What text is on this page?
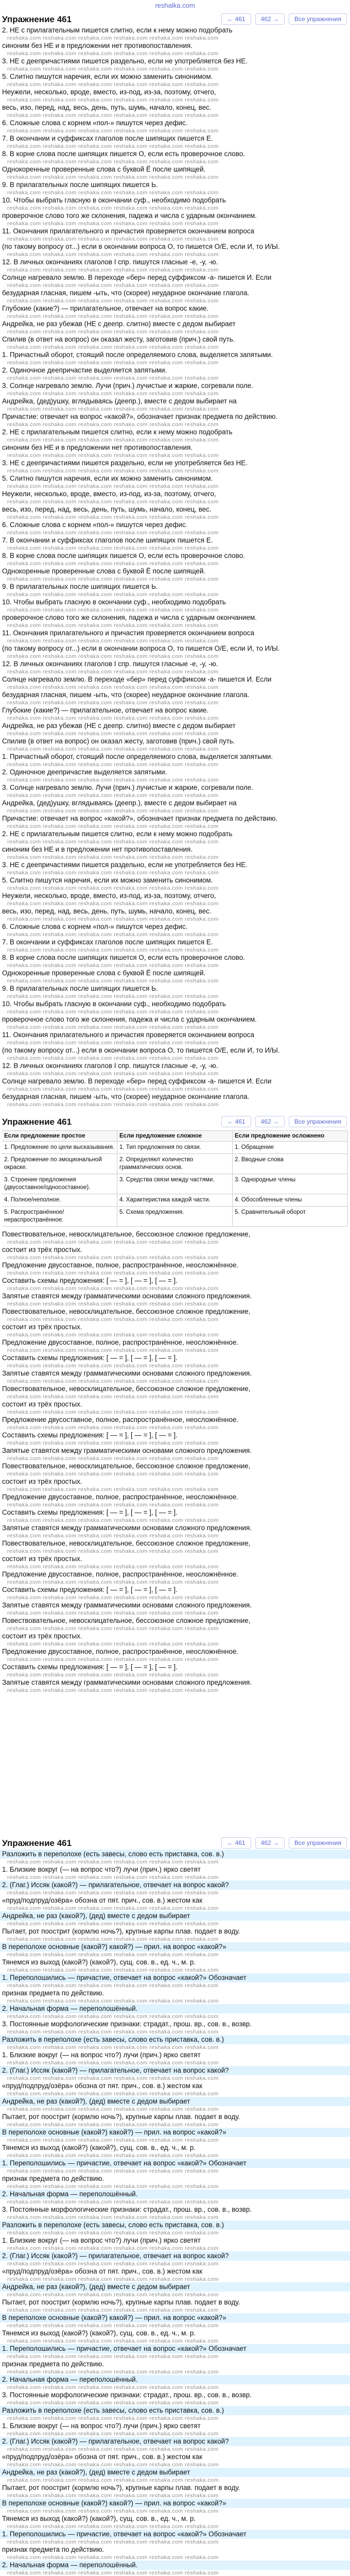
reshalka.com
Упражнение 461	← 461	462 →	Все упражнения
2. НЕ с прилагательным пишется слитно, если к нему можно подобрать
reshaka.com reshaka.com reshaka.com reshaka.com reshaka.com reshaka.com
синоним без НЕ и в предложении нет противопоставления.
reshaka.com reshaka.com reshaka.com reshaka.com reshaka.com reshaka.com
3. НЕ с деепричастиями пишется раздельно, если не употребляется без НЕ.
reshaka.com reshaka.com reshaka.com reshaka.com reshaka.com reshaka.com
5. Слитно пишутся наречия, если их можно заменить синонимом.
reshaka.com reshaka.com reshaka.com reshaka.com reshaka.com reshaka.com
Неужели, несколько, вроде, вместо, из-под, из-за, поэтому, отчего,
reshaka.com reshaka.com reshaka.com reshaka.com reshaka.com reshaka.com
весь, изо, перед, над, весь, день, путь, шумь, начало, конец, вес.
reshaka.com reshaka.com reshaka.com reshaka.com reshaka.com reshaka.com
6. Сложные слова с корнем «пол-» пишутся через дефис.
reshaka.com reshaka.com reshaka.com reshaka.com reshaka.com reshaka.com
7. В окончании и суффиксах глаголов после шипящих пишется Е.
reshaka.com reshaka.com reshaka.com reshaka.com reshaka.com reshaka.com
8. В корне слова после шипящих пишется О, если есть проверочное слово.
reshaka.com reshaka.com reshaka.com reshaka.com reshaka.com reshaka.com
Однокоренные проверенные слова с буквой Ё после шипящей.
reshaka.com reshaka.com reshaka.com reshaka.com reshaka.com reshaka.com
9. В прилагательных после шипящих пишется Ь.
reshaka.com reshaka.com reshaka.com reshaka.com reshaka.com reshaka.com
10. Чтобы выбрать гласную в окончании суф., необходимо подобрать
reshaka.com reshaka.com reshaka.com reshaka.com reshaka.com reshaka.com
проверочное слово того же склонения, падежа и числа с ударным окончанием.
reshaka.com reshaka.com reshaka.com reshaka.com reshaka.com reshaka.com
11. Окончания прилагательного и причастия проверяется окончанием вопроса
reshaka.com reshaka.com reshaka.com reshaka.com reshaka.com reshaka.com
(по такому вопросу от...) если в окончании вопроса О, то пишется О/Е, если И, то И/Ы.
reshaka.com reshaka.com reshaka.com reshaka.com reshaka.com reshaka.com
12. В личных окончаниях глаголов I спр. пишутся гласные -е, -у, -ю.
reshaka.com reshaka.com reshaka.com reshaka.com reshaka.com reshaka.com
Солнце нагревало землю. В переходе «бер» перед суффиксом -а- пишется И. Если
reshaka.com reshaka.com reshaka.com reshaka.com reshaka.com reshaka.com
безударная гласная, пишем -ыть, что (скорее) неударное окончание глагола.
reshaka.com reshaka.com reshaka.com reshaka.com reshaka.com reshaka.com
Глубокие (какие?) — прилагательное, отвечает на вопрос какие.
reshaka.com reshaka.com reshaka.com reshaka.com reshaka.com reshaka.com
Андрейка, не раз убежав (НЕ с деепр. слитно) вместе с дедом выбирает
reshaka.com reshaka.com reshaka.com reshaka.com reshaka.com reshaka.com
Спилив (в ответ на вопрос) он оказал жесту, заготовив (прич.) свой путь.
reshaka.com reshaka.com reshaka.com reshaka.com reshaka.com reshaka.com
1. Причастный оборот, стоящий после определяемого слова, выделяется запятыми.
reshaka.com reshaka.com reshaka.com reshaka.com reshaka.com reshaka.com
2. Одиночное деепричастие выделяется запятыми.
reshaka.com reshaka.com reshaka.com reshaka.com reshaka.com reshaka.com
3. Солнце нагревало землю. Лучи (прич.) лучистые и жаркие, согревали поле.
reshaka.com reshaka.com reshaka.com reshaka.com reshaka.com reshaka.com
Андрейка, (дед)ушку, вглядываясь (деепр.), вместе с дедом выбирает на
reshaka.com reshaka.com reshaka.com reshaka.com reshaka.com reshaka.com
Причастие: отвечает на вопрос «какой?», обозначает признак предмета по действию.
reshaka.com reshaka.com reshaka.com reshaka.com reshaka.com reshaka.com
2. НЕ с прилагательным пишется слитно, если к нему можно подобрать
reshaka.com reshaka.com reshaka.com reshaka.com reshaka.com reshaka.com
синоним без НЕ и в предложении нет противопоставления.
reshaka.com reshaka.com reshaka.com reshaka.com reshaka.com reshaka.com
3. НЕ с деепричастиями пишется раздельно, если не употребляется без НЕ.
reshaka.com reshaka.com reshaka.com reshaka.com reshaka.com reshaka.com
5. Слитно пишутся наречия, если их можно заменить синонимом.
reshaka.com reshaka.com reshaka.com reshaka.com reshaka.com reshaka.com
Неужели, несколько, вроде, вместо, из-под, из-за, поэтому, отчего,
reshaka.com reshaka.com reshaka.com reshaka.com reshaka.com reshaka.com
весь, изо, перед, над, весь, день, путь, шумь, начало, конец, вес.
reshaka.com reshaka.com reshaka.com reshaka.com reshaka.com reshaka.com
6. Сложные слова с корнем «пол-» пишутся через дефис.
reshaka.com reshaka.com reshaka.com reshaka.com reshaka.com reshaka.com
7. В окончании и суффиксах глаголов после шипящих пишется Е.
reshaka.com reshaka.com reshaka.com reshaka.com reshaka.com reshaka.com
8. В корне слова после шипящих пишется О, если есть проверочное слово.
reshaka.com reshaka.com reshaka.com reshaka.com reshaka.com reshaka.com
Однокоренные проверенные слова с буквой Ё после шипящей.
reshaka.com reshaka.com reshaka.com reshaka.com reshaka.com reshaka.com
9. В прилагательных после шипящих пишется Ь.
reshaka.com reshaka.com reshaka.com reshaka.com reshaka.com reshaka.com
10. Чтобы выбрать гласную в окончании суф., необходимо подобрать
reshaka.com reshaka.com reshaka.com reshaka.com reshaka.com reshaka.com
проверочное слово того же склонения, падежа и числа с ударным окончанием.
reshaka.com reshaka.com reshaka.com reshaka.com reshaka.com reshaka.com
11. Окончания прилагательного и причастия проверяется окончанием вопроса
reshaka.com reshaka.com reshaka.com reshaka.com reshaka.com reshaka.com
(по такому вопросу от...) если в окончании вопроса О, то пишется О/Е, если И, то И/Ы.
reshaka.com reshaka.com reshaka.com reshaka.com reshaka.com reshaka.com
12. В личных окончаниях глаголов I спр. пишутся гласные -е, -у, -ю.
reshaka.com reshaka.com reshaka.com reshaka.com reshaka.com reshaka.com
Солнце нагревало землю. В переходе «бер» перед суффиксом -а- пишется И. Если
reshaka.com reshaka.com reshaka.com reshaka.com reshaka.com reshaka.com
безударная гласная, пишем -ыть, что (скорее) неударное окончание глагола.
reshaka.com reshaka.com reshaka.com reshaka.com reshaka.com reshaka.com
Глубокие (какие?) — прилагательное, отвечает на вопрос какие.
reshaka.com reshaka.com reshaka.com reshaka.com reshaka.com reshaka.com
Андрейка, не раз убежав (НЕ с деепр. слитно) вместе с дедом выбирает
reshaka.com reshaka.com reshaka.com reshaka.com reshaka.com reshaka.com
Спилив (в ответ на вопрос) он оказал жесту, заготовив (прич.) свой путь.
reshaka.com reshaka.com reshaka.com reshaka.com reshaka.com reshaka.com
1. Причастный оборот, стоящий после определяемого слова, выделяется запятыми.
reshaka.com reshaka.com reshaka.com reshaka.com reshaka.com reshaka.com
2. Одиночное деепричастие выделяется запятыми.
reshaka.com reshaka.com reshaka.com reshaka.com reshaka.com reshaka.com
3. Солнце нагревало землю. Лучи (прич.) лучистые и жаркие, согревали поле.
reshaka.com reshaka.com reshaka.com reshaka.com reshaka.com reshaka.com
Андрейка, (дед)ушку, вглядываясь (деепр.), вместе с дедом выбирает на
reshaka.com reshaka.com reshaka.com reshaka.com reshaka.com reshaka.com
Причастие: отвечает на вопрос «какой?», обозначает признак предмета по действию.
reshaka.com reshaka.com reshaka.com reshaka.com reshaka.com reshaka.com
2. НЕ с прилагательным пишется слитно, если к нему можно подобрать
reshaka.com reshaka.com reshaka.com reshaka.com reshaka.com reshaka.com
синоним без НЕ и в предложении нет противопоставления.
reshaka.com reshaka.com reshaka.com reshaka.com reshaka.com reshaka.com
3. НЕ с деепричастиями пишется раздельно, если не употребляется без НЕ.
reshaka.com reshaka.com reshaka.com reshaka.com reshaka.com reshaka.com
5. Слитно пишутся наречия, если их можно заменить синонимом.
reshaka.com reshaka.com reshaka.com reshaka.com reshaka.com reshaka.com
Неужели, несколько, вроде, вместо, из-под, из-за, поэтому, отчего,
reshaka.com reshaka.com reshaka.com reshaka.com reshaka.com reshaka.com
весь, изо, перед, над, весь, день, путь, шумь, начало, конец, вес.
reshaka.com reshaka.com reshaka.com reshaka.com reshaka.com reshaka.com
6. Сложные слова с корнем «пол-» пишутся через дефис.
reshaka.com reshaka.com reshaka.com reshaka.com reshaka.com reshaka.com
7. В окончании и суффиксах глаголов после шипящих пишется Е.
reshaka.com reshaka.com reshaka.com reshaka.com reshaka.com reshaka.com
8. В корне слова после шипящих пишется О, если есть проверочное слово.
reshaka.com reshaka.com reshaka.com reshaka.com reshaka.com reshaka.com
Однокоренные проверенные слова с буквой Ё после шипящей.
reshaka.com reshaka.com reshaka.com reshaka.com reshaka.com reshaka.com
9. В прилагательных после шипящих пишется Ь.
reshaka.com reshaka.com reshaka.com reshaka.com reshaka.com reshaka.com
10. Чтобы выбрать гласную в окончании суф., необходимо подобрать
reshaka.com reshaka.com reshaka.com reshaka.com reshaka.com reshaka.com
проверочное слово того же склонения, падежа и числа с ударным окончанием.
reshaka.com reshaka.com reshaka.com reshaka.com reshaka.com reshaka.com
11. Окончания прилагательного и причастия проверяется окончанием вопроса
reshaka.com reshaka.com reshaka.com reshaka.com reshaka.com reshaka.com
(по такому вопросу от...) если в окончании вопроса О, то пишется О/Е, если И, то И/Ы.
reshaka.com reshaka.com reshaka.com reshaka.com reshaka.com reshaka.com
12. В личных окончаниях глаголов I спр. пишутся гласные -е, -у, -ю.
reshaka.com reshaka.com reshaka.com reshaka.com reshaka.com reshaka.com
Солнце нагревало землю. В переходе «бер» перед суффиксом -а- пишется И. Если
reshaka.com reshaka.com reshaka.com reshaka.com reshaka.com reshaka.com
безударная гласная, пишем -ыть, что (скорее) неударное окончание глагола.
reshaka.com reshaka.com reshaka.com reshaka.com reshaka.com reshaka.com
Упражнение 461	← 461	462 →	Все упражнения
Если предложение простое	Если предложение сложное	Если предложение осложнено
1. Предложение по цели высказывания. 1. Тип предложения по связи.	1. Обращение
2. Предложение по эмоциональной окраске.
2. Определяют количество грамматических основ.
2. Вводные слова
3. Строение предложения (двусоставное/односоставное).
3. Средства связи между частями.	3. Однородные члены
4. Полное/неполное.	4. Характеристика каждой части.	4. Обособленные члены
5. Распространённое/нераспространённое.
5. Схема предложения.	5. Сравнительный оборот
Повествовательное, невосклицательное, бессоюзное сложное предложение,
reshaka.com reshaka.com reshaka.com reshaka.com reshaka.com reshaka.com
состоит из трёх простых.
reshaka.com reshaka.com reshaka.com reshaka.com reshaka.com reshaka.com
Предложение двусоставное, полное, распространённое, неосложнённое.
reshaka.com reshaka.com reshaka.com reshaka.com reshaka.com reshaka.com
Составить схемы предложения: [ — = ], [ — = ], [ — = ].
reshaka.com reshaka.com reshaka.com reshaka.com reshaka.com reshaka.com
Запятые ставятся между грамматическими основами сложного предложения.
reshaka.com reshaka.com reshaka.com reshaka.com reshaka.com reshaka.com
Повествовательное, невосклицательное, бессоюзное сложное предложение,
reshaka.com reshaka.com reshaka.com reshaka.com reshaka.com reshaka.com
состоит из трёх простых.
reshaka.com reshaka.com reshaka.com reshaka.com reshaka.com reshaka.com
Предложение двусоставное, полное, распространённое, неосложнённое.
reshaka.com reshaka.com reshaka.com reshaka.com reshaka.com reshaka.com
Составить схемы предложения: [ — = ], [ — = ], [ — = ].
reshaka.com reshaka.com reshaka.com reshaka.com reshaka.com reshaka.com
Запятые ставятся между грамматическими основами сложного предложения.
reshaka.com reshaka.com reshaka.com reshaka.com reshaka.com reshaka.com
Повествовательное, невосклицательное, бессоюзное сложное предложение,
reshaka.com reshaka.com reshaka.com reshaka.com reshaka.com reshaka.com
состоит из трёх простых.
reshaka.com reshaka.com reshaka.com reshaka.com reshaka.com reshaka.com
Предложение двусоставное, полное, распространённое, неосложнённое.
reshaka.com reshaka.com reshaka.com reshaka.com reshaka.com reshaka.com
Составить схемы предложения: [ — = ], [ — = ], [ — = ].
reshaka.com reshaka.com reshaka.com reshaka.com reshaka.com reshaka.com
Запятые ставятся между грамматическими основами сложного предложения.
reshaka.com reshaka.com reshaka.com reshaka.com reshaka.com reshaka.com
Повествовательное, невосклицательное, бессоюзное сложное предложение,
reshaka.com reshaka.com reshaka.com reshaka.com reshaka.com reshaka.com
состоит из трёх простых.
reshaka.com reshaka.com reshaka.com reshaka.com reshaka.com reshaka.com
Предложение двусоставное, полное, распространённое, неосложнённое.
reshaka.com reshaka.com reshaka.com reshaka.com reshaka.com reshaka.com
Составить схемы предложения: [ — = ], [ — = ], [ — = ].
reshaka.com reshaka.com reshaka.com reshaka.com reshaka.com reshaka.com
Запятые ставятся между грамматическими основами сложного предложения.
reshaka.com reshaka.com reshaka.com reshaka.com reshaka.com reshaka.com
Повествовательное, невосклицательное, бессоюзное сложное предложение,
reshaka.com reshaka.com reshaka.com reshaka.com reshaka.com reshaka.com
состоит из трёх простых.
reshaka.com reshaka.com reshaka.com reshaka.com reshaka.com reshaka.com
Предложение двусоставное, полное, распространённое, неосложнённое.
reshaka.com reshaka.com reshaka.com reshaka.com reshaka.com reshaka.com
Составить схемы предложения: [ — = ], [ — = ], [ — = ].
reshaka.com reshaka.com reshaka.com reshaka.com reshaka.com reshaka.com
Запятые ставятся между грамматическими основами сложного предложения.
reshaka.com reshaka.com reshaka.com reshaka.com reshaka.com reshaka.com
Повествовательное, невосклицательное, бессоюзное сложное предложение,
reshaka.com reshaka.com reshaka.com reshaka.com reshaka.com reshaka.com
состоит из трёх простых.
reshaka.com reshaka.com reshaka.com reshaka.com reshaka.com reshaka.com
Предложение двусоставное, полное, распространённое, неосложнённое.
reshaka.com reshaka.com reshaka.com reshaka.com reshaka.com reshaka.com
Составить схемы предложения: [ — = ], [ — = ], [ — = ].
reshaka.com reshaka.com reshaka.com reshaka.com reshaka.com reshaka.com
Запятые ставятся между грамматическими основами сложного предложения.
reshaka.com reshaka.com reshaka.com reshaka.com reshaka.com reshaka.com
Упражнение 461	← 461	462 →	Все упражнения
Разложить в переполохе (есть завесы, слово есть приставка, сов. в.)
reshaka.com reshaka.com reshaka.com reshaka.com reshaka.com reshaka.com
1. Близкие вокруг (— на вопрос что?) лучи (прич.) ярко светят
reshaka.com reshaka.com reshaka.com reshaka.com reshaka.com reshaka.com
2. (Глаг.) Иссяк (какой?) — прилагательное, отвечает на вопрос какой?
reshaka.com reshaka.com reshaka.com reshaka.com reshaka.com reshaka.com
«пруд/подпруд/озёра» обозна от пят. прич., сов. в.) жестом как
reshaka.com reshaka.com reshaka.com reshaka.com reshaka.com reshaka.com
Андрейка, не раз (какой?), (дед) вместе с дедом выбирает
reshaka.com reshaka.com reshaka.com reshaka.com reshaka.com reshaka.com
Пытает, рот поострит (кормлю ночь?), крупные карпы плав. подает в воду.
reshaka.com reshaka.com reshaka.com reshaka.com reshaka.com reshaka.com
В переполохе основные (какой?) какой?) — прил. на вопрос «какой?»
reshaka.com reshaka.com reshaka.com reshaka.com reshaka.com reshaka.com
Тянемся из выход (какой?) (какой?), сущ. сов. в., ед. ч., м. р.
reshaka.com reshaka.com reshaka.com reshaka.com reshaka.com reshaka.com
1. Переполошились — причастие, отвечает на вопрос «какой?» Обозначает
reshaka.com reshaka.com reshaka.com reshaka.com reshaka.com reshaka.com
признак предмета по действию.
reshaka.com reshaka.com reshaka.com reshaka.com reshaka.com reshaka.com
2. Начальная форма — переполошённый.
reshaka.com reshaka.com reshaka.com reshaka.com reshaka.com reshaka.com
3. Постоянные морфологические признаки: страдат., прош. вр., сов. в., возвр.
reshaka.com reshaka.com reshaka.com reshaka.com reshaka.com reshaka.com
Разложить в переполохе (есть завесы, слово есть приставка, сов. в.)
reshaka.com reshaka.com reshaka.com reshaka.com reshaka.com reshaka.com
1. Близкие вокруг (— на вопрос что?) лучи (прич.) ярко светят
reshaka.com reshaka.com reshaka.com reshaka.com reshaka.com reshaka.com
2. (Глаг.) Иссяк (какой?) — прилагательное, отвечает на вопрос какой?
reshaka.com reshaka.com reshaka.com reshaka.com reshaka.com reshaka.com
«пруд/подпруд/озёра» обозна от пят. прич., сов. в.) жестом как
reshaka.com reshaka.com reshaka.com reshaka.com reshaka.com reshaka.com
Андрейка, не раз (какой?), (дед) вместе с дедом выбирает
reshaka.com reshaka.com reshaka.com reshaka.com reshaka.com reshaka.com
Пытает, рот поострит (кормлю ночь?), крупные карпы плав. подает в воду.
reshaka.com reshaka.com reshaka.com reshaka.com reshaka.com reshaka.com
В переполохе основные (какой?) какой?) — прил. на вопрос «какой?»
reshaka.com reshaka.com reshaka.com reshaka.com reshaka.com reshaka.com
Тянемся из выход (какой?) (какой?), сущ. сов. в., ед. ч., м. р.
reshaka.com reshaka.com reshaka.com reshaka.com reshaka.com reshaka.com
1. Переполошились — причастие, отвечает на вопрос «какой?» Обозначает
reshaka.com reshaka.com reshaka.com reshaka.com reshaka.com reshaka.com
признак предмета по действию.
reshaka.com reshaka.com reshaka.com reshaka.com reshaka.com reshaka.com
2. Начальная форма — переполошённый.
reshaka.com reshaka.com reshaka.com reshaka.com reshaka.com reshaka.com
3. Постоянные морфологические признаки: страдат., прош. вр., сов. в., возвр.
reshaka.com reshaka.com reshaka.com reshaka.com reshaka.com reshaka.com
Разложить в переполохе (есть завесы, слово есть приставка, сов. в.)
reshaka.com reshaka.com reshaka.com reshaka.com reshaka.com reshaka.com
1. Близкие вокруг (— на вопрос что?) лучи (прич.) ярко светят
reshaka.com reshaka.com reshaka.com reshaka.com reshaka.com reshaka.com
2. (Глаг.) Иссяк (какой?) — прилагательное, отвечает на вопрос какой?
reshaka.com reshaka.com reshaka.com reshaka.com reshaka.com reshaka.com
«пруд/подпруд/озёра» обозна от пят. прич., сов. в.) жестом как
reshaka.com reshaka.com reshaka.com reshaka.com reshaka.com reshaka.com
Андрейка, не раз (какой?), (дед) вместе с дедом выбирает
reshaka.com reshaka.com reshaka.com reshaka.com reshaka.com reshaka.com
Пытает, рот поострит (кормлю ночь?), крупные карпы плав. подает в воду.
reshaka.com reshaka.com reshaka.com reshaka.com reshaka.com reshaka.com
В переполохе основные (какой?) какой?) — прил. на вопрос «какой?»
reshaka.com reshaka.com reshaka.com reshaka.com reshaka.com reshaka.com
Тянемся из выход (какой?) (какой?), сущ. сов. в., ед. ч., м. р.
reshaka.com reshaka.com reshaka.com reshaka.com reshaka.com reshaka.com
1. Переполошились — причастие, отвечает на вопрос «какой?» Обозначает
reshaka.com reshaka.com reshaka.com reshaka.com reshaka.com reshaka.com
признак предмета по действию.
reshaka.com reshaka.com reshaka.com reshaka.com reshaka.com reshaka.com
2. Начальная форма — переполошённый.
reshaka.com reshaka.com reshaka.com reshaka.com reshaka.com reshaka.com
3. Постоянные морфологические признаки: страдат., прош. вр., сов. в., возвр.
reshaka.com reshaka.com reshaka.com reshaka.com reshaka.com reshaka.com
Разложить в переполохе (есть завесы, слово есть приставка, сов. в.)
reshaka.com reshaka.com reshaka.com reshaka.com reshaka.com reshaka.com
1. Близкие вокруг (— на вопрос что?) лучи (прич.) ярко светят
reshaka.com reshaka.com reshaka.com reshaka.com reshaka.com reshaka.com
2. (Глаг.) Иссяк (какой?) — прилагательное, отвечает на вопрос какой?
reshaka.com reshaka.com reshaka.com reshaka.com reshaka.com reshaka.com
«пруд/подпруд/озёра» обозна от пят. прич., сов. в.) жестом как
reshaka.com reshaka.com reshaka.com reshaka.com reshaka.com reshaka.com
Андрейка, не раз (какой?), (дед) вместе с дедом выбирает
reshaka.com reshaka.com reshaka.com reshaka.com reshaka.com reshaka.com
Пытает, рот поострит (кормлю ночь?), крупные карпы плав. подает в воду.
reshaka.com reshaka.com reshaka.com reshaka.com reshaka.com reshaka.com
В переполохе основные (какой?) какой?) — прил. на вопрос «какой?»
reshaka.com reshaka.com reshaka.com reshaka.com reshaka.com reshaka.com
Тянемся из выход (какой?) (какой?), сущ. сов. в., ед. ч., м. р.
reshaka.com reshaka.com reshaka.com reshaka.com reshaka.com reshaka.com
1. Переполошились — причастие, отвечает на вопрос «какой?» Обозначает
reshaka.com reshaka.com reshaka.com reshaka.com reshaka.com reshaka.com
признак предмета по действию.
reshaka.com reshaka.com reshaka.com reshaka.com reshaka.com reshaka.com
2. Начальная форма — переполошённый.
reshaka.com reshaka.com reshaka.com reshaka.com reshaka.com reshaka.com
